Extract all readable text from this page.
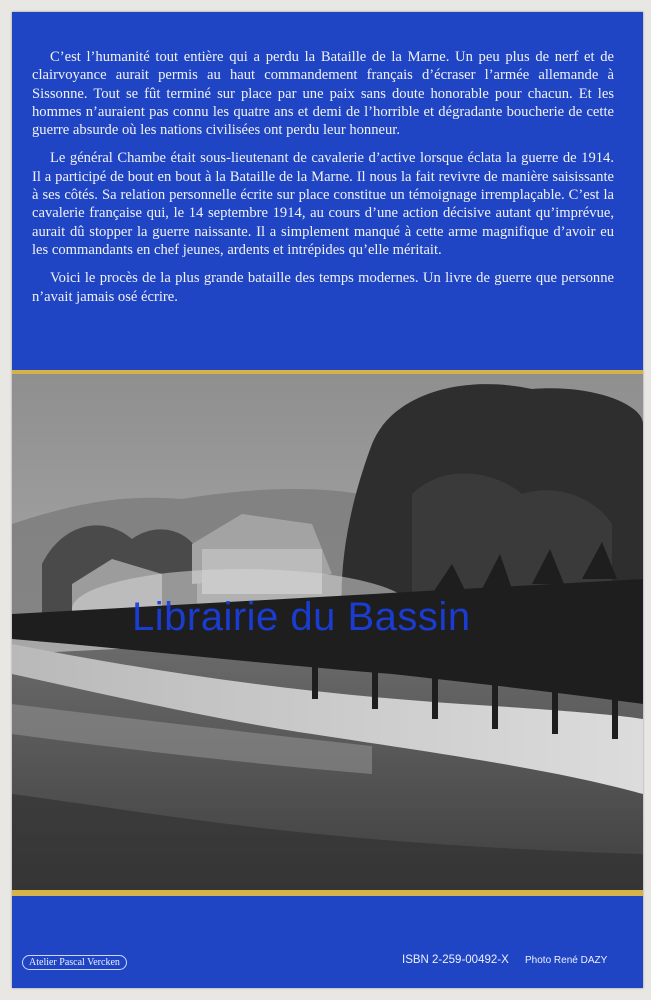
C’est l’humanité tout entière qui a perdu la Bataille de la Marne. Un peu plus de nerf et de clairvoyance aurait permis au haut commandement français d’écraser l’armée allemande à Sissonne. Tout se fût terminé sur place par une paix sans doute honorable pour chacun. Et les hommes n’auraient pas connu les quatre ans et demi de l’horrible et dégradante boucherie de cette guerre absurde où les nations civilisées ont perdu leur honneur.

Le général Chambe était sous-lieutenant de cavalerie d’active lorsque éclata la guerre de 1914. Il a participé de bout en bout à la Bataille de la Marne. Il nous la fait revivre de manière saisissante à ses côtés. Sa relation personnelle écrite sur place constitue un témoignage irremplaçable. C’est la cavalerie française qui, le 14 septembre 1914, au cours d’une action décisive autant qu’imprévue, aurait dû stopper la guerre naissante. Il a simplement manqué à cette arme magnifique d’avoir eu les commandants en chef jeunes, ardents et intrépides qu’elle méritait.

Voici le procès de la plus grande bataille des temps modernes. Un livre de guerre que personne n’avait jamais osé écrire.

Librairie du Bassin
Atelier Pascal Vercken	ISBN 2-259-00492-X Photo René DAZY
